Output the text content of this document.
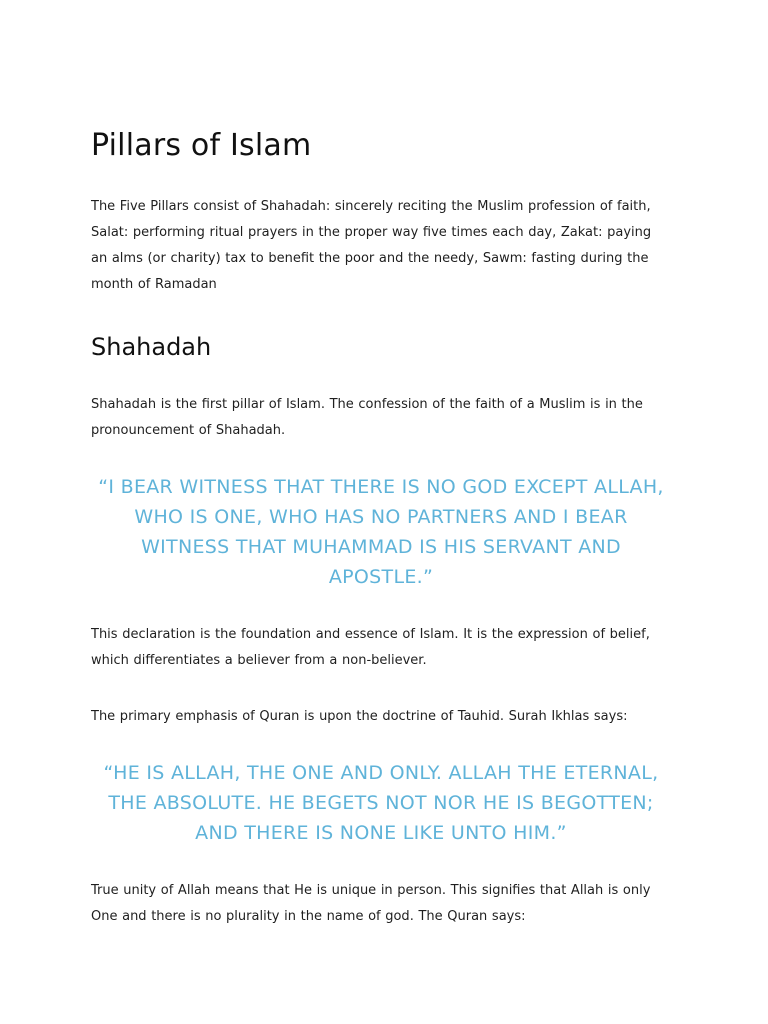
Pillars of Islam

The Five Pillars consist of Shahadah: sincerely reciting the Muslim profession of faith, Salat: performing ritual prayers in the proper way five times each day, Zakat: paying an alms (or charity) tax to benefit the poor and the needy, Sawm: fasting during the month of Ramadan

Shahadah

Shahadah is the first pillar of Islam. The confession of the faith of a Muslim is in the pronouncement of Shahadah.

“I BEAR WITNESS THAT THERE IS NO GOD EXCEPT ALLAH, WHO IS ONE, WHO HAS NO PARTNERS AND I BEAR WITNESS THAT MUHAMMAD IS HIS SERVANT AND APOSTLE.”

This declaration is the foundation and essence of Islam. It is the expression of belief, which differentiates a believer from a non-believer.

The primary emphasis of Quran is upon the doctrine of Tauhid. Surah Ikhlas says:

“HE IS ALLAH, THE ONE AND ONLY. ALLAH THE ETERNAL, THE ABSOLUTE. HE BEGETS NOT NOR HE IS BEGOTTEN; AND THERE IS NONE LIKE UNTO HIM.”

True unity of Allah means that He is unique in person. This signifies that Allah is only One and there is no plurality in the name of god. The Quran says:
